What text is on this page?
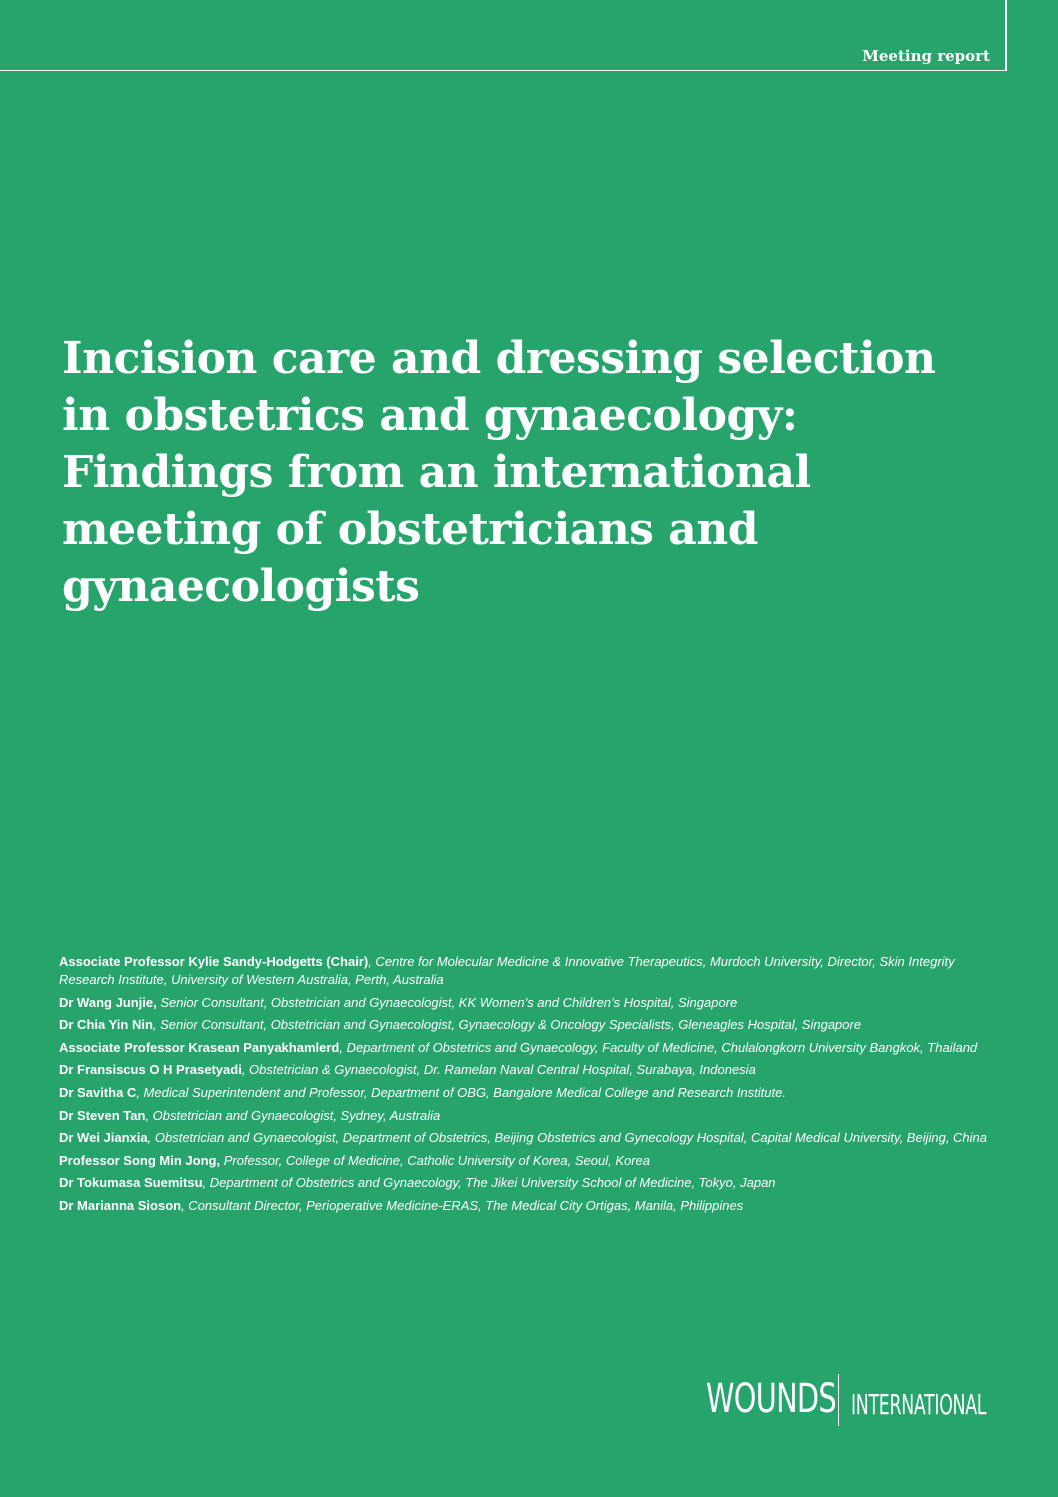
Meeting report
Incision care and dressing selection in obstetrics and gynaecology: Findings from an international meeting of obstetricians and gynaecologists
Associate Professor Kylie Sandy-Hodgetts (Chair), Centre for Molecular Medicine & Innovative Therapeutics, Murdoch University, Director, Skin Integrity Research Institute, University of Western Australia, Perth, Australia
Dr Wang Junjie, Senior Consultant, Obstetrician and Gynaecologist, KK Women’s and Children’s Hospital, Singapore
Dr Chia Yin Nin, Senior Consultant, Obstetrician and Gynaecologist, Gynaecology & Oncology Specialists, Gleneagles Hospital, Singapore
Associate Professor Krasean Panyakhamlerd, Department of Obstetrics and Gynaecology, Faculty of Medicine, Chulalongkorn University Bangkok, Thailand
Dr Fransiscus O H Prasetyadi, Obstetrician & Gynaecologist, Dr. Ramelan Naval Central Hospital, Surabaya, Indonesia
Dr Savitha C, Medical Superintendent and Professor, Department of OBG, Bangalore Medical College and Research Institute.
Dr Steven Tan, Obstetrician and Gynaecologist, Sydney, Australia
Dr Wei Jianxia, Obstetrician and Gynaecologist, Department of Obstetrics, Beijing Obstetrics and Gynecology Hospital, Capital Medical University, Beijing, China
Professor Song Min Jong, Professor, College of Medicine, Catholic University of Korea, Seoul, Korea
Dr Tokumasa Suemitsu, Department of Obstetrics and Gynaecology, The Jikei University School of Medicine, Tokyo, Japan
Dr Marianna Sioson, Consultant Director, Perioperative Medicine-ERAS, The Medical City Ortigas, Manila, Philippines
WOUNDS INTERNATIONAL
